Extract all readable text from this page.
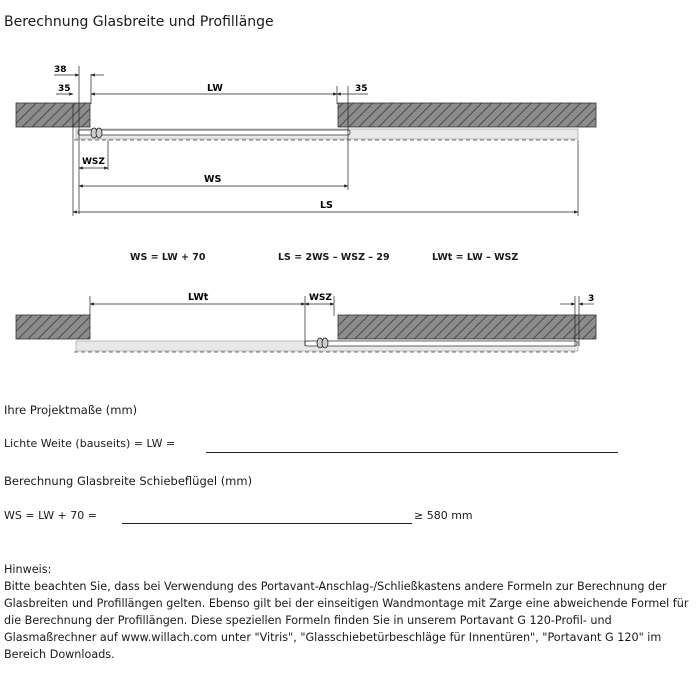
Berechnung Glasbreite und Profillänge
38
35	LW	35
WSZ
WS
LS
LWt	WSZ	3
WS = LW + 70	LS = 2WS – WSZ – 29	LWt = LW – WSZ
Ihre Projektmaße (mm)
Lichte Weite (bauseits) = LW =
Berechnung Glasbreite Schiebeflügel (mm)
WS = LW + 70 =	≥ 580 mm
Hinweis:
Bitte beachten Sie, dass bei Verwendung des Portavant-Anschlag-/Schließkastens andere Formeln zur Berechnung der Glasbreiten und Profillängen gelten. Ebenso gilt bei der einseitigen Wandmontage mit Zarge eine abweichende Formel für die Berechnung der Profillängen. Diese speziellen Formeln finden Sie in unserem Portavant G 120-Profil- und Glasmaßrechner auf www.willach.com unter "Vitris", "Glasschiebetürbeschläge für Innentüren", "Portavant G 120" im Bereich Downloads.
